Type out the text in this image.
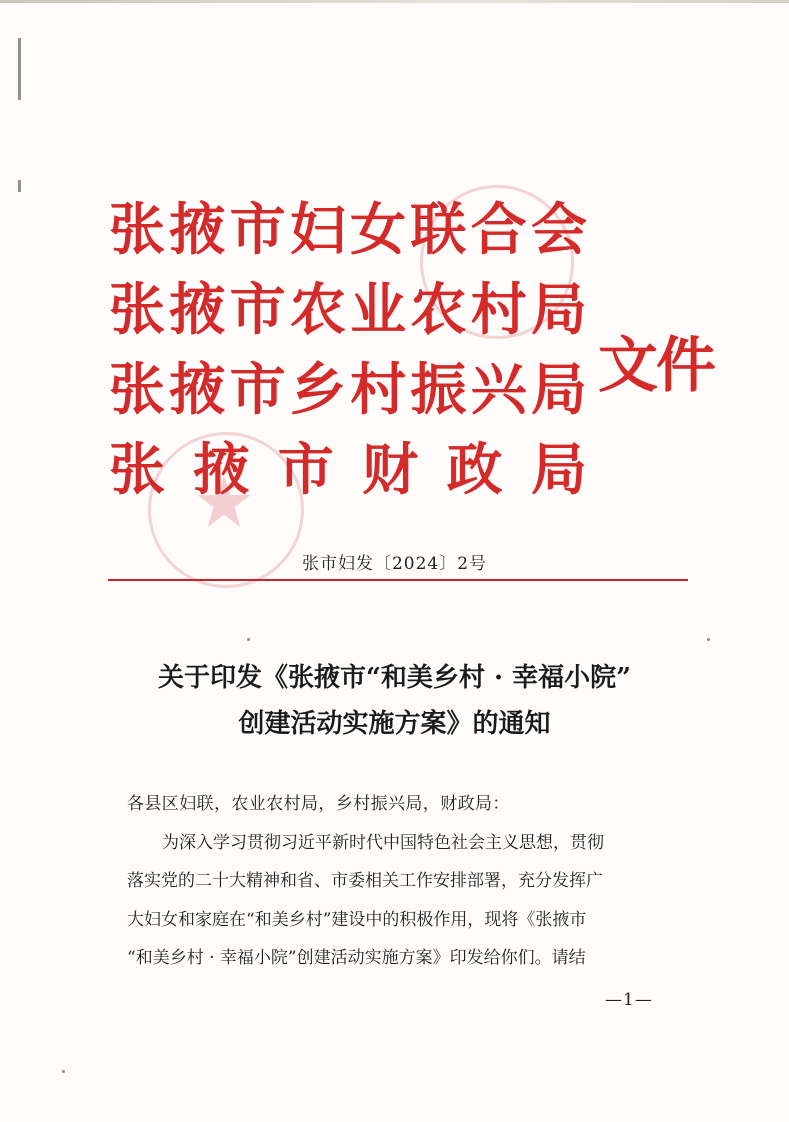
张 掖 市 妇 女 联 合 会
张 掖 市 农 业 农 村 局
张 掖 市 乡 村 振 兴 局
张 掖 市 财 政 局
文件
张市妇发〔2024〕2号
关于印发《张掖市“和美乡村 · 幸福小院”
创建活动实施方案》的通知
各县区妇联，农业农村局，乡村振兴局，财政局：
为深入学习贯彻习近平新时代中国特色社会主义思想，贯彻
落实党的二十大精神和省、市委相关工作安排部署，充分发挥广
大妇女和家庭在“和美乡村”建设中的积极作用，现将《张掖市
“和美乡村 · 幸福小院”创建活动实施方案》印发给你们。请结
—1—
